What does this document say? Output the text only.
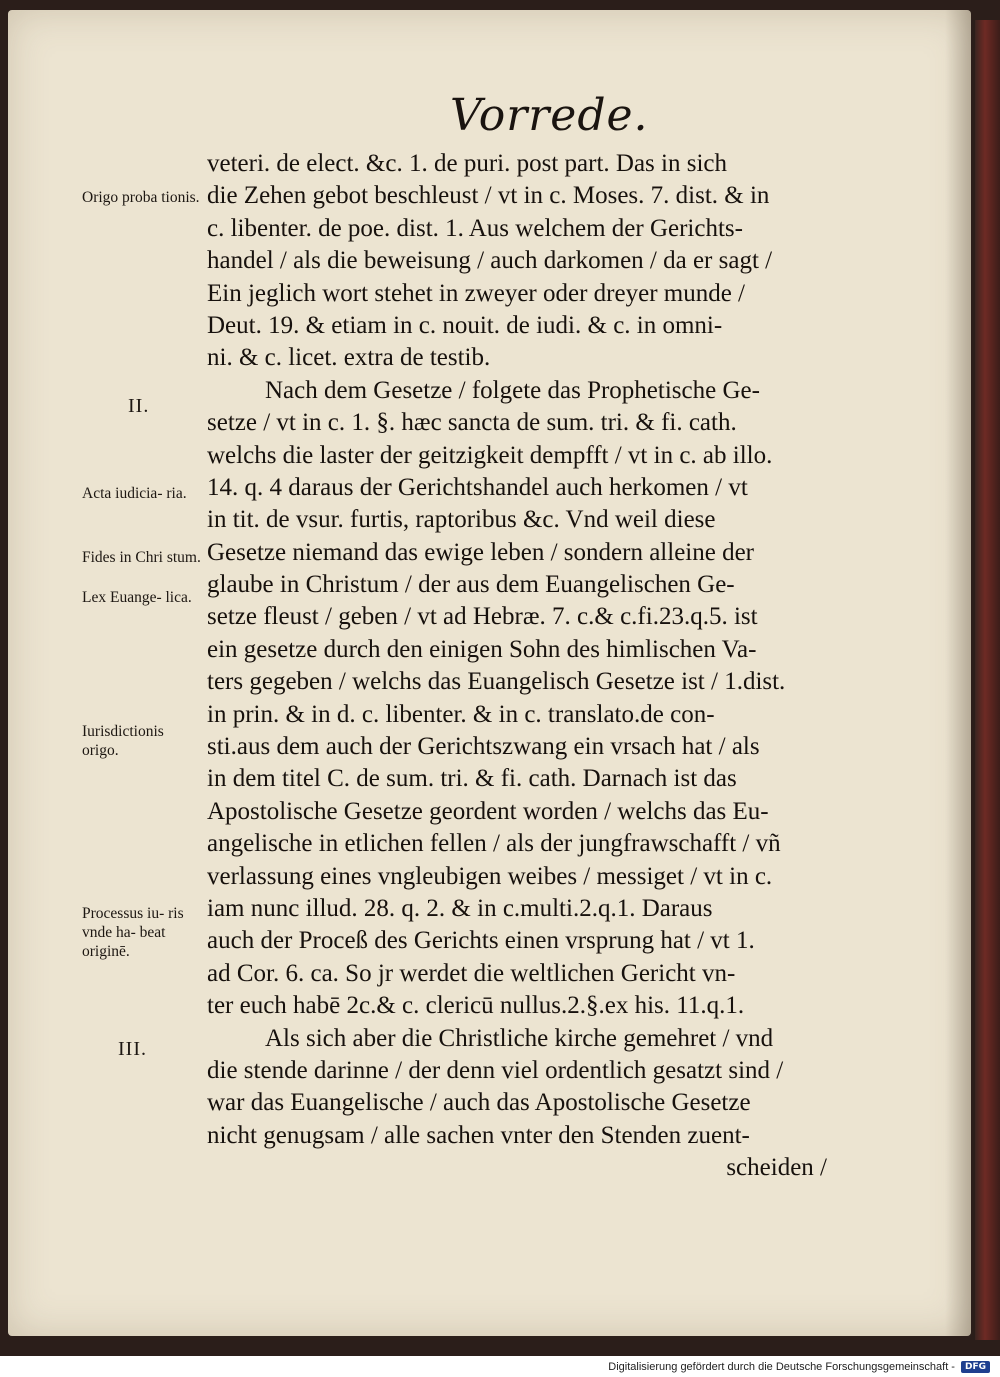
Vorrede.
Origo proba tionis.
II.
Acta iudicia- ria.
Fides in Chri stum.
Lex Euange- lica.
Iurisdictionis origo.
Processus iu- ris vnde ha- beat originē.
III.
veteri. de elect. &c. 1. de puri. post part. Das in sich
die Zehen gebot beschleust / vt in c. Moses. 7. dist. & in
c. libenter. de poe. dist. 1. Aus welchem der Gerichts-
handel / als die beweisung / auch darkomen / da er sagt /
Ein jeglich wort stehet in zweyer oder dreyer munde /
Deut. 19. & etiam in c. nouit. de iudi. & c. in omni-
ni. & c. licet. extra de testib.
Nach dem Gesetze / folgete das Prophetische Ge-
setze / vt in c. 1. §. hæc sancta de sum. tri. & fi. cath.
welchs die laster der geitzigkeit dempfft / vt in c. ab illo.
14. q. 4 daraus der Gerichtshandel auch herkomen / vt
in tit. de vsur. furtis, raptoribus &c. Vnd weil diese
Gesetze niemand das ewige leben / sondern alleine der
glaube in Christum / der aus dem Euangelischen Ge-
setze fleust / geben / vt ad Hebræ. 7. c.& c.fi.23.q.5. ist
ein gesetze durch den einigen Sohn des himlischen Va-
ters gegeben / welchs das Euangelisch Gesetze ist / 1.dist.
in prin. & in d. c. libenter. & in c. translato.de con-
sti.aus dem auch der Gerichtszwang ein vrsach hat / als
in dem titel C. de sum. tri. & fi. cath. Darnach ist das
Apostolische Gesetze geordent worden / welchs das Eu-
angelische in etlichen fellen / als der jungfrawschafft / vñ
verlassung eines vngleubigen weibes / messiget / vt in c.
iam nunc illud. 28. q. 2. & in c.multi.2.q.1. Daraus
auch der Proceß des Gerichts einen vrsprung hat / vt 1.
ad Cor. 6. ca. So jr werdet die weltlichen Gericht vn-
ter euch habē 2c.& c. clericū nullus.2.§.ex his. 11.q.1.
Als sich aber die Christliche kirche gemehret / vnd
die stende darinne / der denn viel ordentlich gesatzt sind /
war das Euangelische / auch das Apostolische Gesetze
nicht genugsam / alle sachen vnter den Stenden zuent-
scheiden /
Digitalisierung gefördert durch die Deutsche Forschungsgemeinschaft -	DFG
